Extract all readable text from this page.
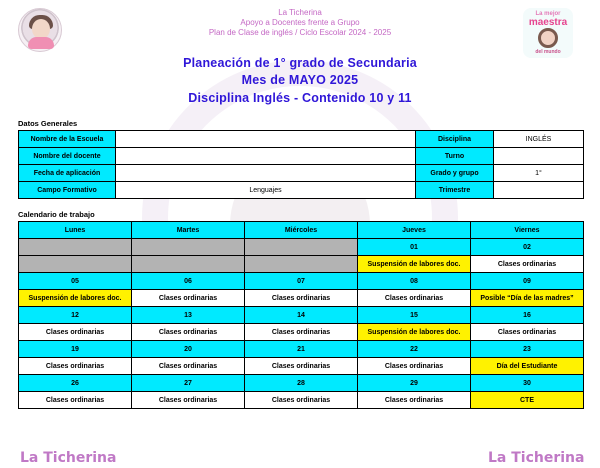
La mejor
maestra
del mundo
La Ticherina
Apoyo a Docentes frente a Grupo
Plan de Clase de inglés / Ciclo Escolar 2024 - 2025
Planeación de 1° grado de Secundaria
Mes de MAYO 2025
Disciplina Inglés - Contenido 10 y 11
Datos Generales
Nombre de la Escuela		Disciplina	INGLÉS
Nombre del docente		Turno	
Fecha de aplicación		Grado y grupo	1°
Campo Formativo	Lenguajes	Trimestre	
Calendario de trabajo
Lunes	Martes	Miércoles	Jueves	Viernes
			01	02
			Suspensión de labores doc.	Clases ordinarias
05	06	07	08	09
Suspensión de labores doc.	Clases ordinarias	Clases ordinarias	Clases ordinarias	Posible “Día de las madres”
12	13	14	15	16
Clases ordinarias	Clases ordinarias	Clases ordinarias	Suspensión de labores doc.	Clases ordinarias
19	20	21	22	23
Clases ordinarias	Clases ordinarias	Clases ordinarias	Clases ordinarias	Día del Estudiante
26	27	28	29	30
Clases ordinarias	Clases ordinarias	Clases ordinarias	Clases ordinarias	CTE
La Ticherina	La Ticherina
